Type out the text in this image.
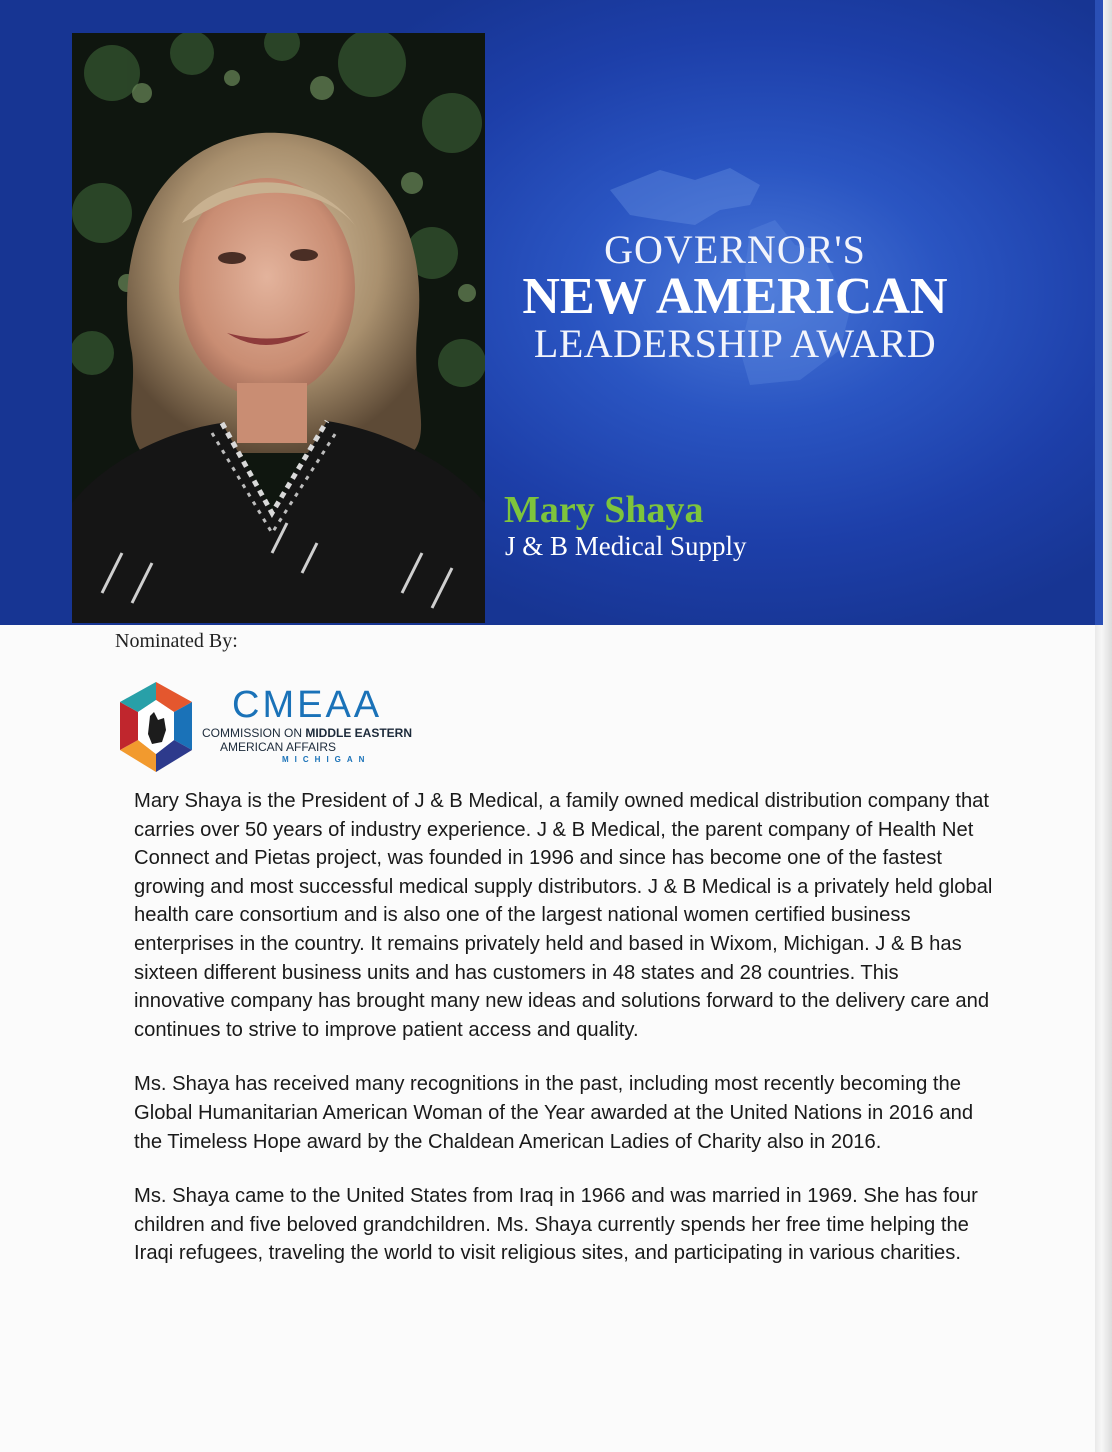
GOVERNOR'S
NEW AMERICAN
LEADERSHIP AWARD
Mary Shaya
J & B Medical Supply
Nominated By:
CMEAA
COMMISSION ON MIDDLE EASTERN
AMERICAN AFFAIRS
MICHIGAN

Mary Shaya is the President of J & B Medical, a family owned medical distribution company that carries over 50 years of industry experience. J & B Medical, the parent company of Health Net Connect and Pietas project, was founded in 1996 and since has become one of the fastest growing and most successful medical supply distributors. J & B Medical is a privately held global health care consortium and is also one of the largest national women certified business enterprises in the country. It remains privately held and based in Wixom, Michigan. J & B has sixteen different business units and has customers in 48 states and 28 countries. This innovative company has brought many new ideas and solutions forward to the delivery care and continues to strive to improve patient access and quality.

Ms. Shaya has received many recognitions in the past, including most recently becoming the Global Humanitarian American Woman of the Year awarded at the United Nations in 2016 and the Timeless Hope award by the Chaldean American Ladies of Charity also in 2016.

Ms. Shaya came to the United States from Iraq in 1966 and was married in 1969. She has four children and five beloved grandchildren. Ms. Shaya currently spends her free time helping the Iraqi refugees, traveling the world to visit religious sites, and participating in various charities.
